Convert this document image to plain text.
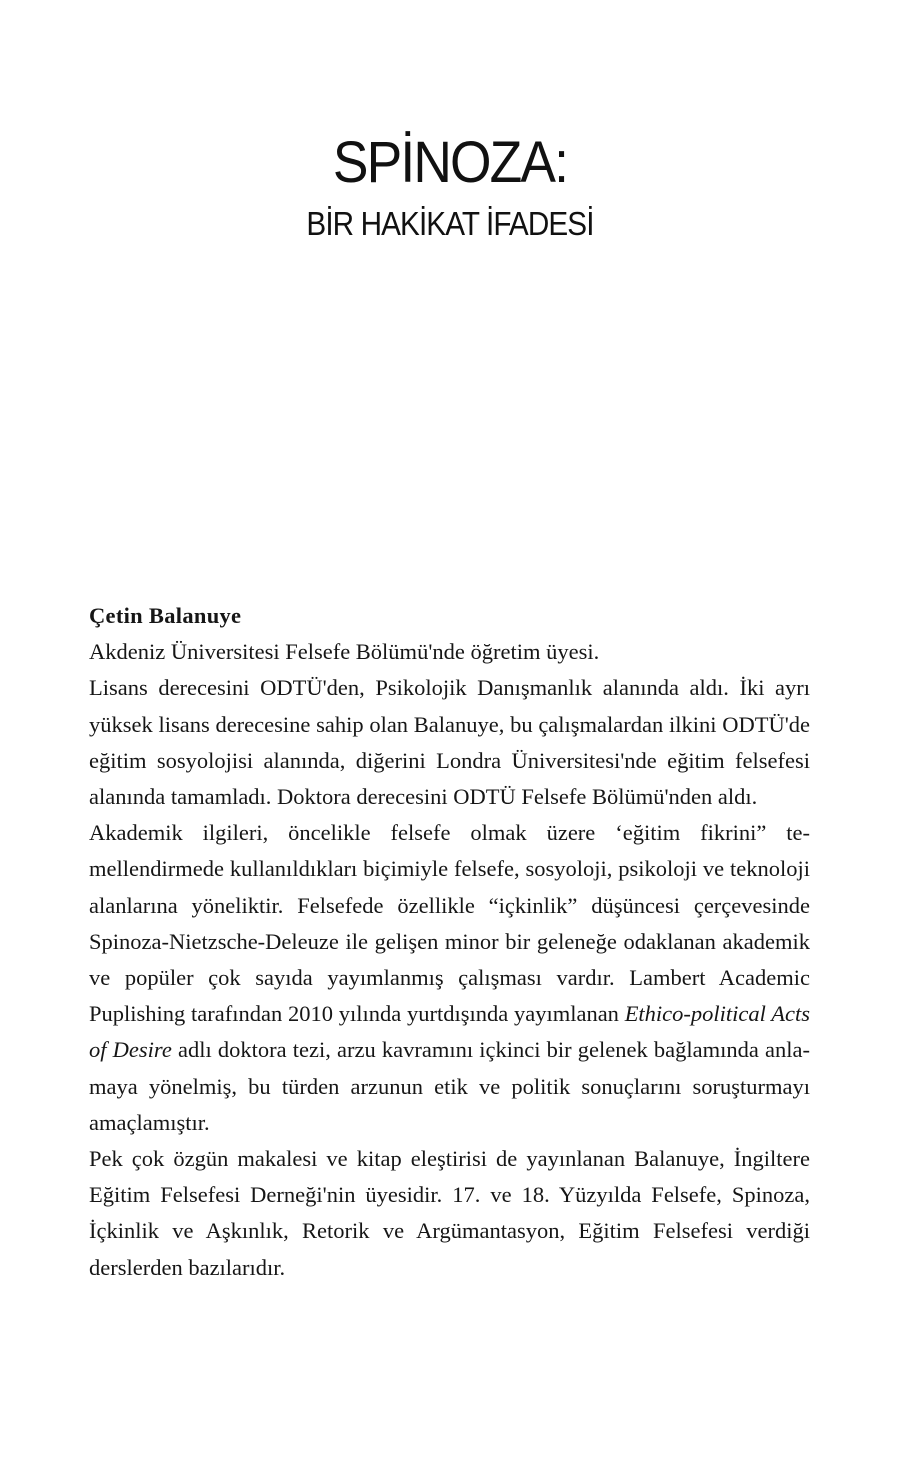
SPİNOZA:
BİR HAKİKAT İFADESİ

Çetin Balanuye

Akdeniz Üniversitesi Felsefe Bölümü'nde öğretim üyesi.

Lisans derecesini ODTÜ'den, Psikolojik Danışmanlık alanında aldı. İki ayrı yüksek lisans derecesine sahip olan Balanuye, bu çalışmalardan ilkini ODTÜ'de eğitim sosyolojisi alanında, diğerini Londra Üniversitesi'nde eğitim felsefesi alanında tamamladı. Doktora derecesini ODTÜ Felsefe Bölümü'nden aldı.

Akademik ilgileri, öncelikle felsefe olmak üzere ‘eğitim fikrini” temellendirmede kullanıldıkları biçimiyle felsefe, sosyoloji, psikoloji ve teknoloji alanlarına yöneliktir. Felsefede özellikle “içkinlik” düşüncesi çerçevesinde Spinoza-Nietzsche-Deleuze ile gelişen minor bir geleneğe odaklanan akademik ve popüler çok sayıda yayımlanmış çalışması vardır. Lambert Academic Puplishing tarafından 2010 yılında yurtdışında yayımlanan Ethico-political Acts of Desire adlı doktora tezi, arzu kavramını içkinci bir gelenek bağlamında anlamaya yönelmiş, bu türden arzunun etik ve politik sonuçlarını soruşturmayı amaçlamıştır.

Pek çok özgün makalesi ve kitap eleştirisi de yayınlanan Balanuye, İngiltere Eğitim Felsefesi Derneği'nin üyesidir. 17. ve 18. Yüzyılda Felsefe, Spinoza, İçkinlik ve Aşkınlık, Retorik ve Argümantasyon, Eğitim Felsefesi verdiği derslerden bazılarıdır.
